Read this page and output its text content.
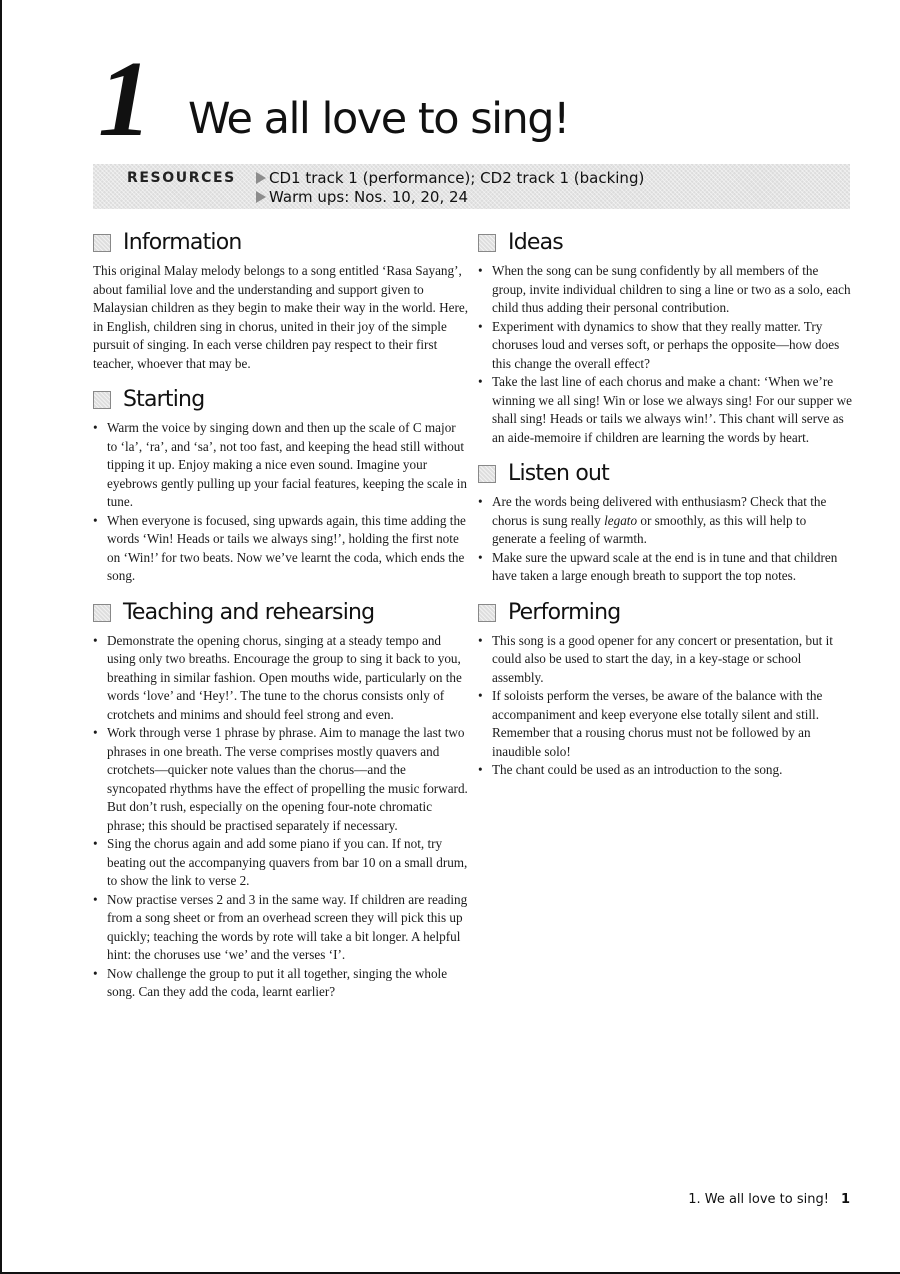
1 We all love to sing!
RESOURCES	CD1 track 1 (performance); CD2 track 1 (backing)
Warm ups: Nos. 10, 20, 24
Information

This original Malay melody belongs to a song entitled ‘Rasa Sayang’, about familial love and the understanding and support given to Malaysian children as they begin to make their way in the world. Here, in English, children sing in chorus, united in their joy of the simple pursuit of singing. In each verse children pay respect to their first teacher, whoever that may be.

Starting
• Warm the voice by singing down and then up the scale of C major to ‘la’, ‘ra’, and ‘sa’, not too fast, and keeping the head still without tipping it up. Enjoy making a nice even sound. Imagine your eyebrows gently pulling up your facial features, keeping the scale in tune.
• When everyone is focused, sing upwards again, this time adding the words ‘Win! Heads or tails we always sing!’, holding the first note on ‘Win!’ for two beats. Now we’ve learnt the coda, which ends the song.
Teaching and rehearsing
• Demonstrate the opening chorus, singing at a steady tempo and using only two breaths. Encourage the group to sing it back to you, breathing in similar fashion. Open mouths wide, particularly on the words ‘love’ and ‘Hey!’. The tune to the chorus consists only of crotchets and minims and should feel strong and even.
• Work through verse 1 phrase by phrase. Aim to manage the last two phrases in one breath. The verse comprises mostly quavers and crotchets—quicker note values than the chorus—and the syncopated rhythms have the effect of propelling the music forward. But don’t rush, especially on the opening four-note chromatic phrase; this should be practised separately if necessary.
• Sing the chorus again and add some piano if you can. If not, try beating out the accompanying quavers from bar 10 on a small drum, to show the link to verse 2.
• Now practise verses 2 and 3 in the same way. If children are reading from a song sheet or from an overhead screen they will pick this up quickly; teaching the words by rote will take a bit longer. A helpful hint: the choruses use ‘we’ and the verses ‘I’.
• Now challenge the group to put it all together, singing the whole song. Can they add the coda, learnt earlier?
Ideas
• When the song can be sung confidently by all members of the group, invite individual children to sing a line or two as a solo, each child thus adding their personal contribution.
• Experiment with dynamics to show that they really matter. Try choruses loud and verses soft, or perhaps the opposite—how does this change the overall effect?
• Take the last line of each chorus and make a chant: ‘When we’re winning we all sing! Win or lose we always sing! For our supper we shall sing! Heads or tails we always win!’. This chant will serve as an aide-memoire if children are learning the words by heart.
Listen out
• Are the words being delivered with enthusiasm? Check that the chorus is sung really legato or smoothly, as this will help to generate a feeling of warmth.
• Make sure the upward scale at the end is in tune and that children have taken a large enough breath to support the top notes.
Performing
• This song is a good opener for any concert or presentation, but it could also be used to start the day, in a key-stage or school assembly.
• If soloists perform the verses, be aware of the balance with the accompaniment and keep everyone else totally silent and still. Remember that a rousing chorus must not be followed by an inaudible solo!
• The chant could be used as an introduction to the song.
1. We all love to sing! 1
